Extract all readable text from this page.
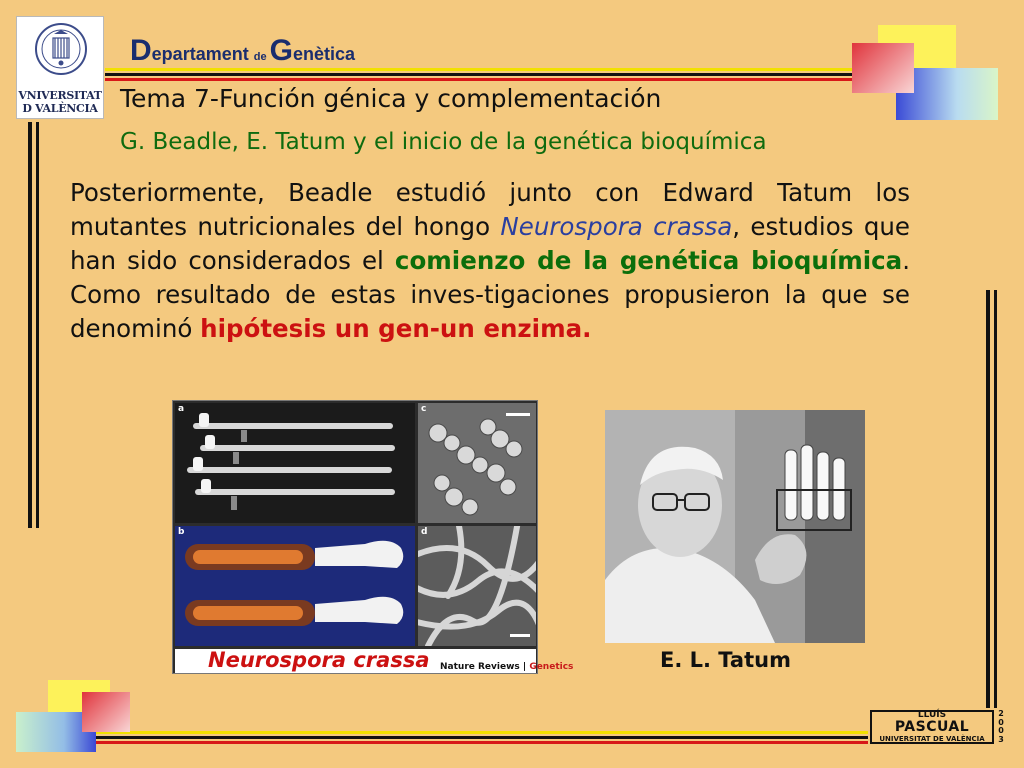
VNIVERSITAT
D VALÈNCIA
Departament de Genètica
Tema 7-Función génica y complementación
G. Beadle, E. Tatum y el inicio de la genética bioquímica
Posteriormente, Beadle estudió junto con Edward Tatum los mutantes nutricionales del hongo Neurospora crassa, estudios que han sido considerados el comienzo de la genética bioquímica. Como resultado de estas inves-tigaciones propusieron la que se denominó hipótesis un gen-un enzima.
a	c
b	d
Neurospora crassa Nature Reviews | Genetics	E. L. Tatum
LLUÍS
PASCUAL
UNIVERSITAT DE VALÈNCIA
2
0
0
3
